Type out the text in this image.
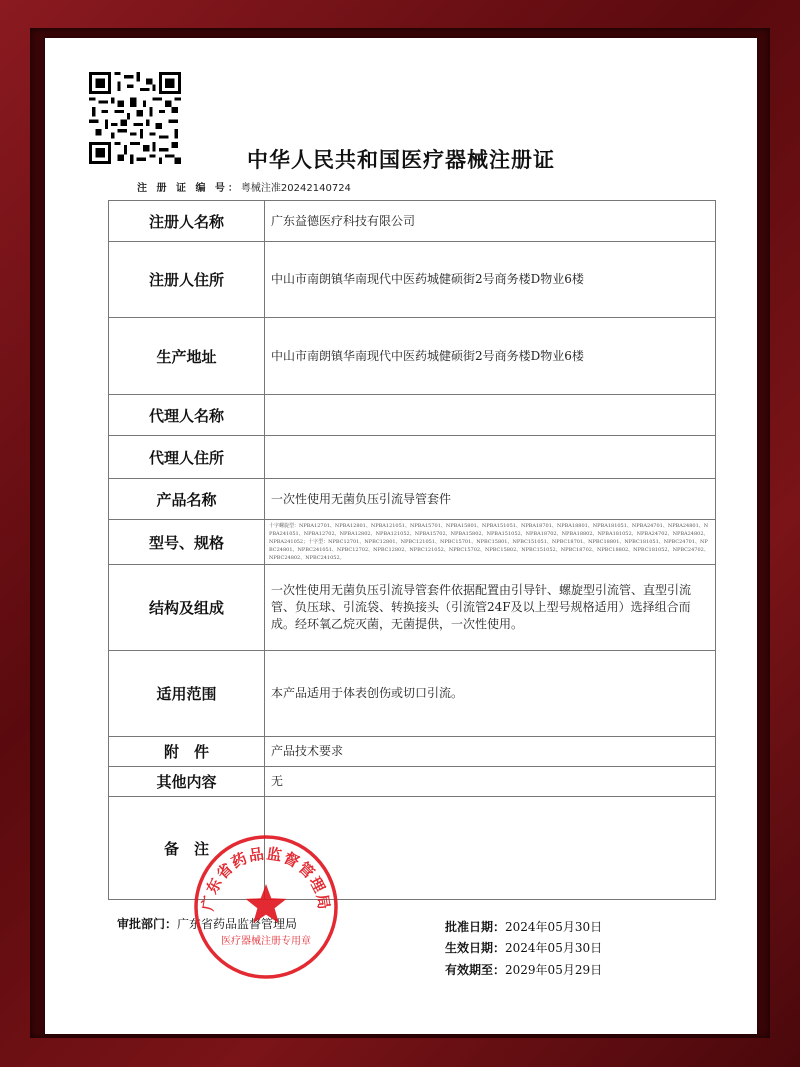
中华人民共和国医疗器械注册证
注 册 证 编 号：粤械注准20242140724
注册人名称	广东益德医疗科技有限公司
注册人住所	中山市南朗镇华南现代中医药城健硕街2号商务楼D物业6楼
生产地址	中山市南朗镇华南现代中医药城健硕街2号商务楼D物业6楼
代理人名称	
代理人住所	
产品名称	一次性使用无菌负压引流导管套件
型号、规格	十字螺旋型：NPBA12701、NPBA12801、NPBA121051、NPBA15701、NPBA15801、NPBA151051、NPBA18701、NPBA18801、NPBA181051、NPBA24701、NPBA24801、NPBA241051、NPBA12702、NPBA12802、NPBA121052、NPBA15702、NPBA15802、NPBA151052、NPBA18702、NPBA18802、NPBA181052、NPBA24702、NPBA24802、NPBA241052；十字型：NPBC12701、NPBC12801、NPBC121051、NPBC15701、NPBC15801、NPBC151051、NPBC18701、NPBC18801、NPBC181051、NPBC24701、NPBC24801、NPBC241051、NPBC12702、NPBC12802、NPBC121052、NPBC15702、NPBC15802、NPBC151052、NPBC18702、NPBC18802、NPBC181052、NPBC24702、NPBC24802、NPBC241052。
结构及组成	一次性使用无菌负压引流导管套件依据配置由引导针、螺旋型引流管、直型引流管、负压球、引流袋、转换接头（引流管24F及以上型号规格适用）选择组合而成。经环氧乙烷灭菌，无菌提供，一次性使用。
适用范围	本产品适用于体表创伤或切口引流。
附　件	产品技术要求
其他内容	无
备　注	
审批部门：广东省药品监督管理局	批准日期：2024年05月30日
生效日期：2024年05月30日
有效期至：2029年05月29日
广东省药品监督管理局
医疗器械注册专用章
